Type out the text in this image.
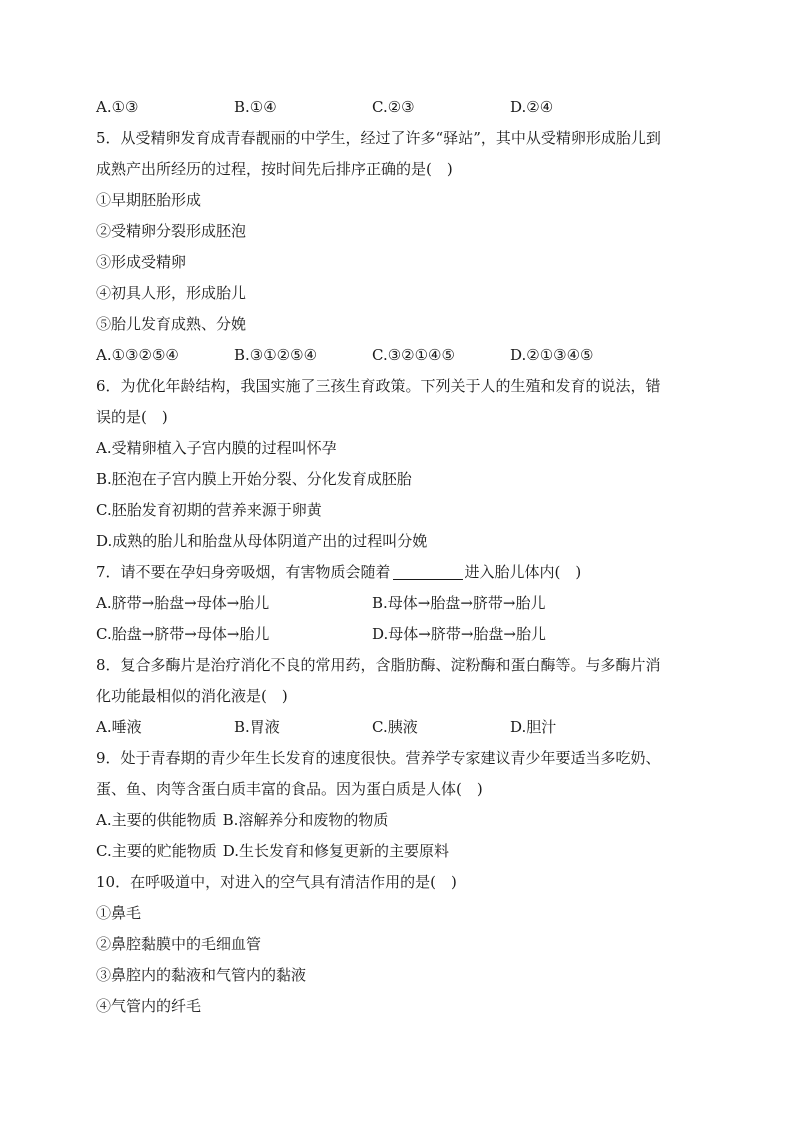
A.①③	B.①④	C.②③	D.②④
5．从受精卵发育成青春靓丽的中学生，经过了许多“驿站”，其中从受精卵形成胎儿到
成熟产出所经历的过程，按时间先后排序正确的是(　)
①早期胚胎形成
②受精卵分裂形成胚泡
③形成受精卵
④初具人形，形成胎儿
⑤胎儿发育成熟、分娩
A.①③②⑤④	B.③①②⑤④	C.③②①④⑤	D.②①③④⑤
6．为优化年龄结构，我国实施了三孩生育政策。下列关于人的生殖和发育的说法，错
误的是(　)
A.受精卵植入子宫内膜的过程叫怀孕
B.胚泡在子宫内膜上开始分裂、分化发育成胚胎
C.胚胎发育初期的营养来源于卵黄
D.成熟的胎儿和胎盘从母体阴道产出的过程叫分娩
7．请不要在孕妇身旁吸烟，有害物质会随着	进入胎儿体内(　)
A.脐带→胎盘→母体→胎儿	B.母体→胎盘→脐带→胎儿
C.胎盘→脐带→母体→胎儿	D.母体→脐带→胎盘→胎儿
8．复合多酶片是治疗消化不良的常用药，含脂肪酶、淀粉酶和蛋白酶等。与多酶片消
化功能最相似的消化液是(　)
A.唾液	B.胃液	C.胰液	D.胆汁
9．处于青春期的青少年生长发育的速度很快。营养学专家建议青少年要适当多吃奶、
蛋、鱼、肉等含蛋白质丰富的食品。因为蛋白质是人体(　)
A.主要的供能物质 B.溶解养分和废物的物质
C.主要的贮能物质 D.生长发育和修复更新的主要原料
10．在呼吸道中，对进入的空气具有清洁作用的是(　)
①鼻毛
②鼻腔黏膜中的毛细血管
③鼻腔内的黏液和气管内的黏液
④气管内的纤毛
